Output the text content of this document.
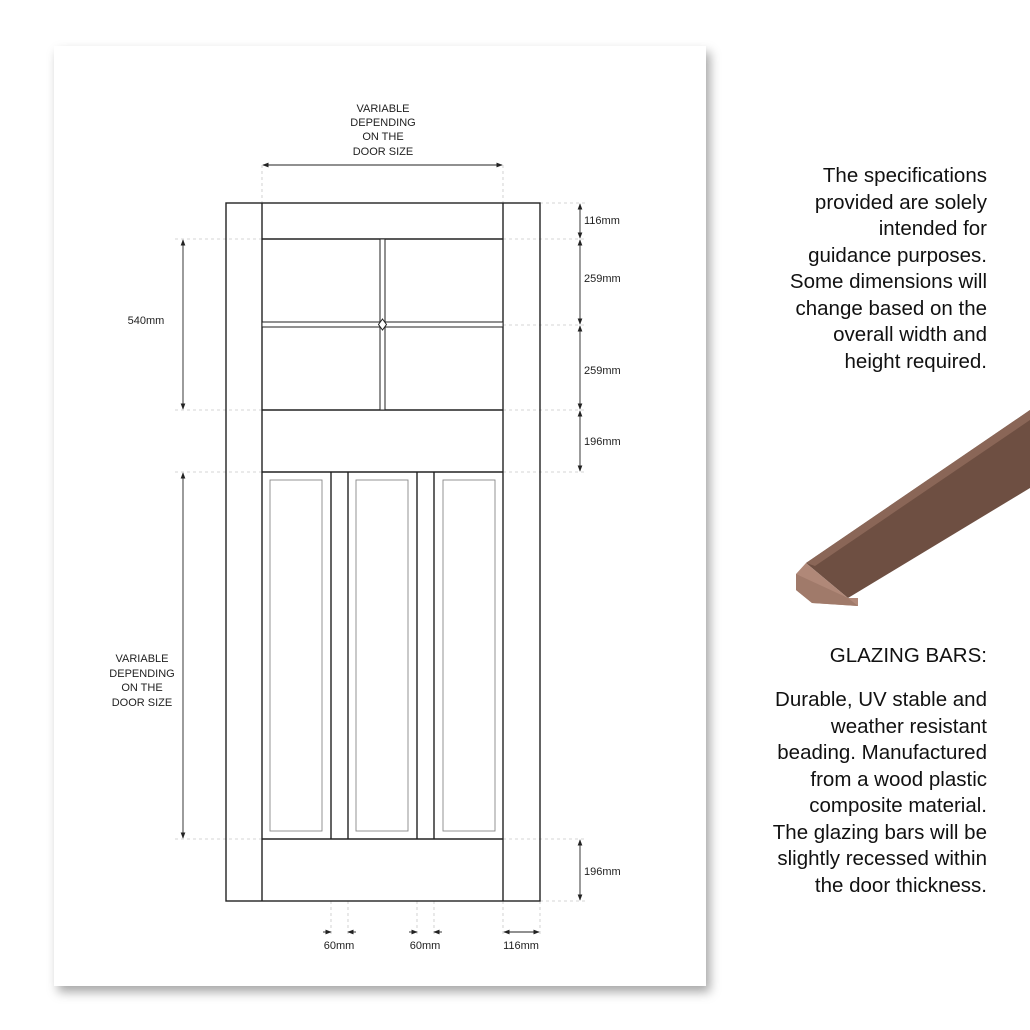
VARIABLE
DEPENDING
ON THE
DOOR SIZE
VARIABLE
DEPENDING
ON THE
DOOR SIZE
540mm
116mm
259mm
259mm
196mm
196mm
60mm	60mm	116mm
The specifications
provided are solely
intended for
guidance purposes.
Some dimensions will
change based on the
overall width and
height required.
GLAZING BARS:
Durable, UV stable and
weather resistant
beading. Manufactured
from a wood plastic
composite material.
The glazing bars will be
slightly recessed within
the door thickness.
